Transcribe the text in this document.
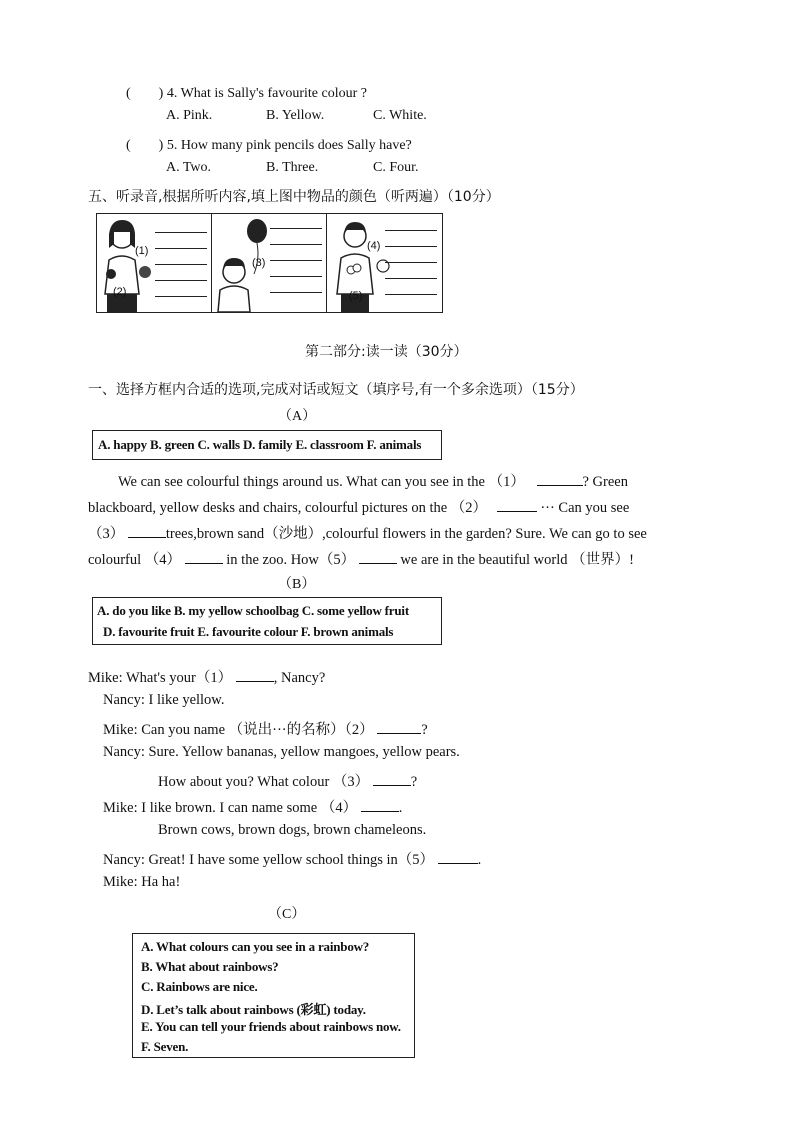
(　　) 4. What is Sally's favourite colour ?
A. Pink.	B. Yellow.	C. White.
(　　) 5. How many pink pencils does Sally have?
A. Two.	B. Three.	C. Four.
五、听录音,根据所听内容,填上图中物品的颜色（听两遍）（10分）
(1)
(2)
(3)
(4)
(5)
第二部分:读一读（30分）
一、选择方框内合适的选项,完成对话或短文（填序号,有一个多余选项）（15分）
（A）
A. happy B. green C. walls D. family E. classroom F. animals
We can see colourful things around us. What can you see in the （1）	? Green
blackboard, yellow desks and chairs, colourful pictures on the （2）	··· Can you see
（3）	trees,brown sand（沙地）,colourful flowers in the garden? Sure. We can go to see
colourful （4）	in the zoo. How（5）	we are in the beautiful world （世界）!
（B）
A. do you like B. my yellow schoolbag C. some yellow fruit
D. favourite fruit E. favourite colour F. brown animals
Mike: What's your（1）	, Nancy?
Nancy: I like yellow.
Mike: Can you name （说出···的名称）（2）	?
Nancy: Sure. Yellow bananas, yellow mangoes, yellow pears.
How about you? What colour （3）	?
Mike: I like brown. I can name some （4）	.
Brown cows, brown dogs, brown chameleons.
Nancy: Great! I have some yellow school things in（5）	.
Mike: Ha ha!
（C）
A. What colours can you see in a rainbow?
B. What about rainbows?
C. Rainbows are nice.
D. Let’s talk about rainbows (彩虹) today.
E. You can tell your friends about rainbows now.
F. Seven.
